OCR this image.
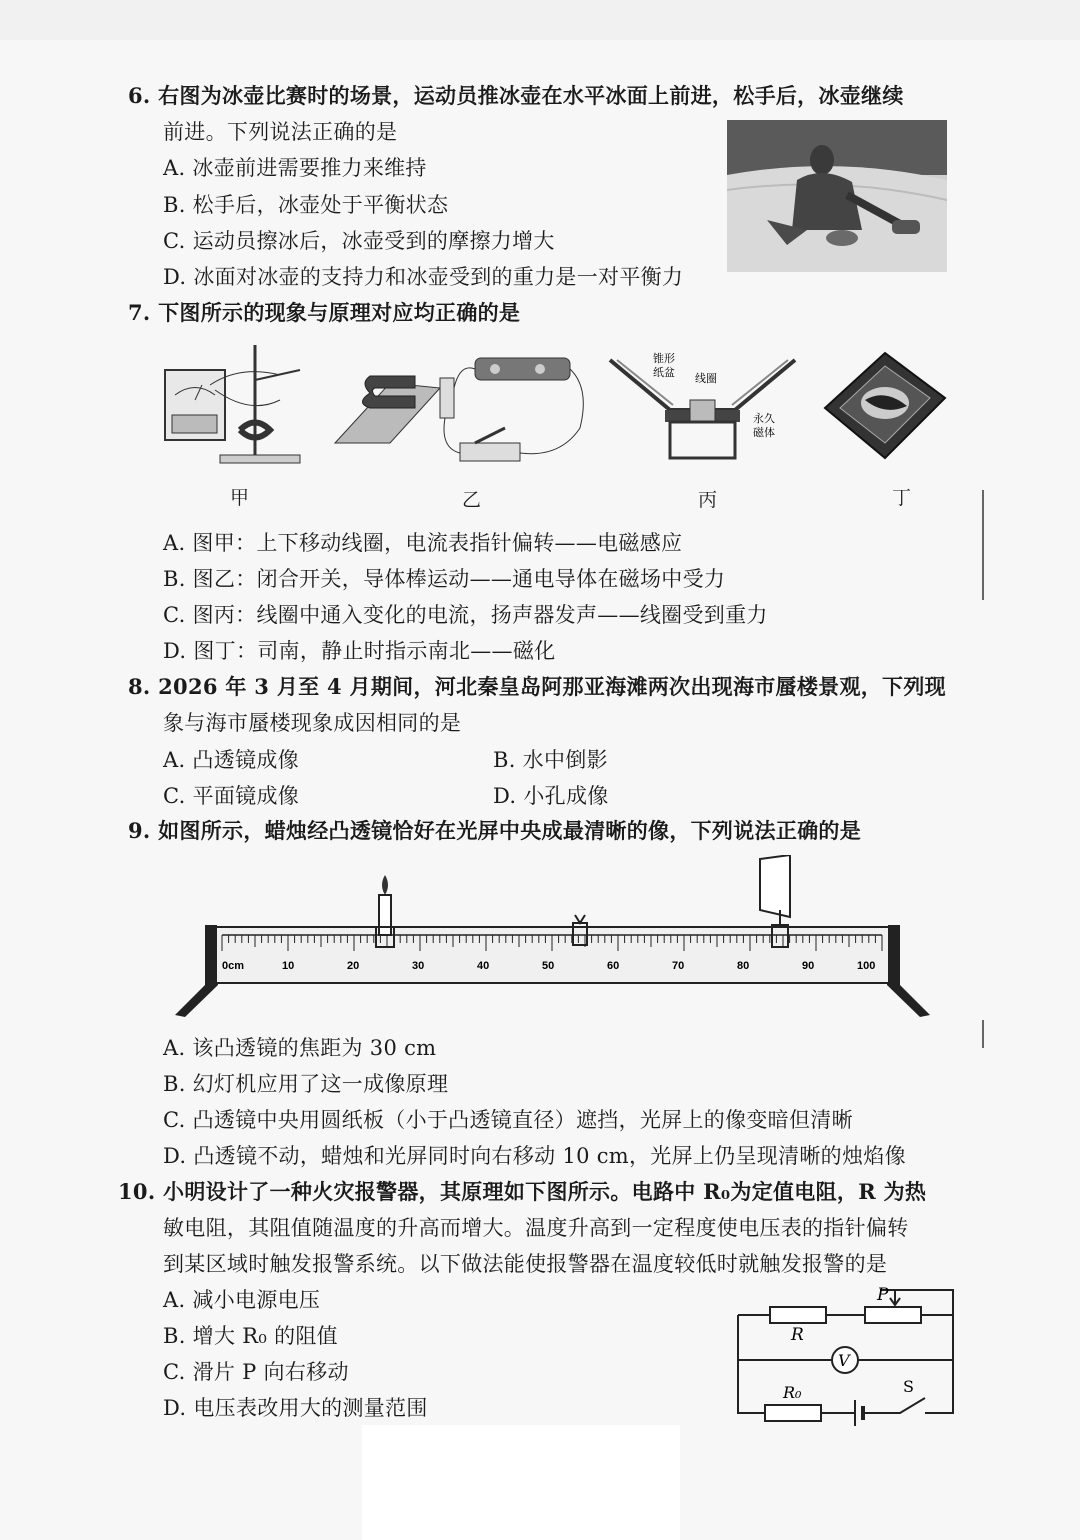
6. 右图为冰壶比赛时的场景，运动员推冰壶在水平冰面上前进，松手后，冰壶继续
前进。下列说法正确的是
A. 冰壶前进需要推力来维持
B. 松手后，冰壶处于平衡状态
C. 运动员擦冰后，冰壶受到的摩擦力增大
D. 冰面对冰壶的支持力和冰壶受到的重力是一对平衡力
7. 下图所示的现象与原理对应均正确的是
甲	乙
锥形
纸盆 线圈
永久
磁体
丙	丁
A. 图甲：上下移动线圈，电流表指针偏转——电磁感应
B. 图乙：闭合开关，导体棒运动——通电导体在磁场中受力
C. 图丙：线圈中通入变化的电流，扬声器发声——线圈受到重力
D. 图丁：司南，静止时指示南北——磁化
8. 2026 年 3 月至 4 月期间，河北秦皇岛阿那亚海滩两次出现海市蜃楼景观，下列现
象与海市蜃楼现象成因相同的是
A. 凸透镜成像	B. 水中倒影
C. 平面镜成像	D. 小孔成像
9. 如图所示，蜡烛经凸透镜恰好在光屏中央成最清晰的像，下列说法正确的是
0cm	10	20	30	40	50	60	70	80	90	100
A. 该凸透镜的焦距为 30 cm
B. 幻灯机应用了这一成像原理
C. 凸透镜中央用圆纸板（小于凸透镜直径）遮挡，光屏上的像变暗但清晰
D. 凸透镜不动，蜡烛和光屏同时向右移动 10 cm，光屏上仍呈现清晰的烛焰像
10. 小明设计了一种火灾报警器，其原理如下图所示。电路中 R₀为定值电阻，R 为热
敏电阻，其阻值随温度的升高而增大。温度升高到一定程度使电压表的指针偏转
到某区域时触发报警系统。以下做法能使报警器在温度较低时就触发报警的是
A. 减小电源电压
B. 增大 R₀ 的阻值
C. 滑片 P 向右移动
D. 电压表改用大的测量范围
P
R
V
R₀	S
